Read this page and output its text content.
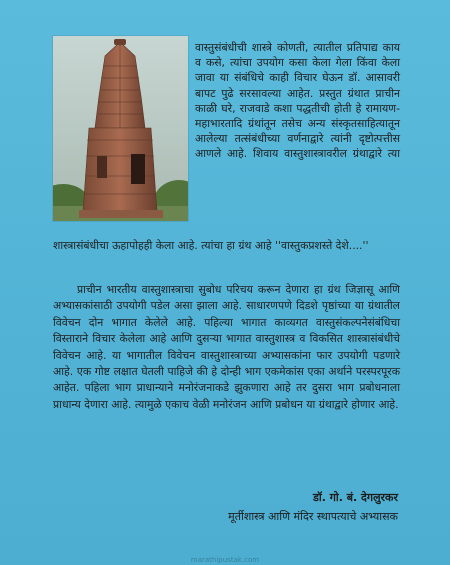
वास्तुसंबंधीची शास्त्रे कोणती, त्यातील प्रतिपाद्य काय व कसे, त्यांचा उपयोग कसा केला गेला किंवा केला जावा या संबंधिचे काही विचार घेऊन डॉ. आसावरी बापट पुढे सरसावल्या आहेत. प्रस्तुत ग्रंथात प्राचीन काळी घरे, राजवाडे कशा पद्धतीची होती हे रामायण-महाभारतादि ग्रंथांतून तसेच अन्य संस्कृतसाहित्यातून आलेल्या तत्संबंधीच्या वर्णनाद्वारे त्यांनी दृष्टोत्पत्तीस आणले आहे. शिवाय वास्तुशास्त्रावरील ग्रंथाद्वारे त्या
शास्त्रासंबंधीचा ऊहापोहही केला आहे. त्यांचा हा ग्रंथ आहे ''वास्तुकप्रशस्ते देशे....''
प्राचीन भारतीय वास्तुशास्त्राचा सुबोध परिचय करून देणारा हा ग्रंथ जिज्ञासू आणि अभ्यासकांसाठी उपयोगी पडेल असा झाला आहे. साधारणपणे दिडशे पृष्ठांच्या या ग्रंथातील विवेचन दोन भागात केलेले आहे. पहिल्या भागात काव्यगत वास्तुसंकल्पनेसंबंधिचा विस्ताराने विचार केलेला आहे आणि दुसऱ्या भागात वास्तुशास्त्र व विकसित शास्त्रासंबंधीचे विवेचन आहे. या भागातील विवेचन वास्तुशास्त्राच्या अभ्यासकांना फार उपयोगी पडणारे आहे. एक गोष्ट लक्षात घेतली पाहिजे की हे दोन्ही भाग एकमेकांस एका अर्थाने परस्परपूरक आहेत. पहिला भाग प्राधान्याने मनोरंजनाकडे झुकणारा आहे तर दुसरा भाग प्रबोधनाला प्राधान्य देणारा आहे. त्यामुळे एकाच वेळी मनोरंजन आणि प्रबोधन या ग्रंथाद्वारे होणार आहे.
डॉ. गो. बं. देगलुरकर
मूर्तीशास्त्र आणि मंदिर स्थापत्याचे अभ्यासक
marathipustak.com
